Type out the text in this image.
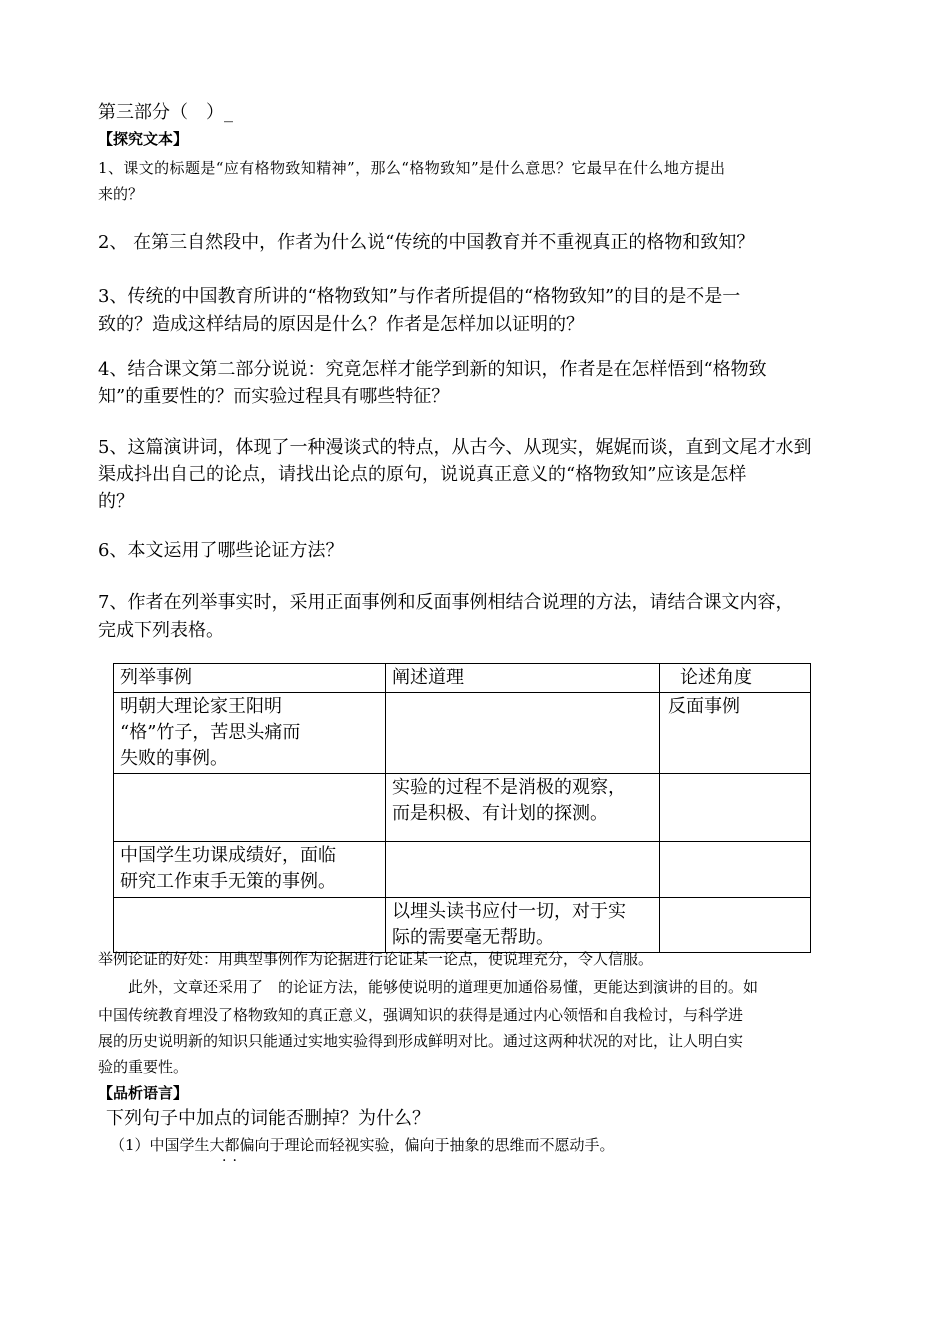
第三部分（　）_
【探究文本】
1、课文的标题是“应有格物致知精神”，那么“格物致知”是什么意思？它最早在什么地方提出
来的？
2、 在第三自然段中，作者为什么说“传统的中国教育并不重视真正的格物和致知？
3、传统的中国教育所讲的“格物致知”与作者所提倡的“格物致知”的目的是不是一
致的？造成这样结局的原因是什么？作者是怎样加以证明的？
4、结合课文第二部分说说：究竟怎样才能学到新的知识，作者是在怎样悟到“格物致
知”的重要性的？而实验过程具有哪些特征？
5、这篇演讲词，体现了一种漫谈式的特点，从古今、从现实，娓娓而谈，直到文尾才水到
渠成抖出自己的论点，请找出论点的原句，说说真正意义的“格物致知”应该是怎样
的？
6、本文运用了哪些论证方法？
7、作者在列举事实时，采用正面事例和反面事例相结合说理的方法，请结合课文内容，
完成下列表格。
列举事例	阐述道理	论述角度

明朝大理论家王阳明
“格”竹子，苦思头痛而
失败的事例。		反面事例

	实验的过程不是消极的观察，
而是积极、有计划的探测。	

中国学生功课成绩好，面临
研究工作束手无策的事例。		

	以埋头读书应付一切，对于实
际的需要毫无帮助。	

举例论证的好处：用典型事例作为论据进行论证某一论点，使说理充分，令人信服。
　　此外，文章还采用了　的论证方法，能够使说明的道理更加通俗易懂，更能达到演讲的目的。如
中国传统教育埋没了格物致知的真正意义，强调知识的获得是通过内心领悟和自我检讨，与科学进
展的历史说明新的知识只能通过实地实验得到形成鲜明对比。通过这两种状况的对比，让人明白实
验的重要性。
【品析语言】
下列句子中加点的词能否删掉？为什么？
（1）中国学生大都偏向于理论而轻视实验，偏向于抽象的思维而不愿动手。
··
